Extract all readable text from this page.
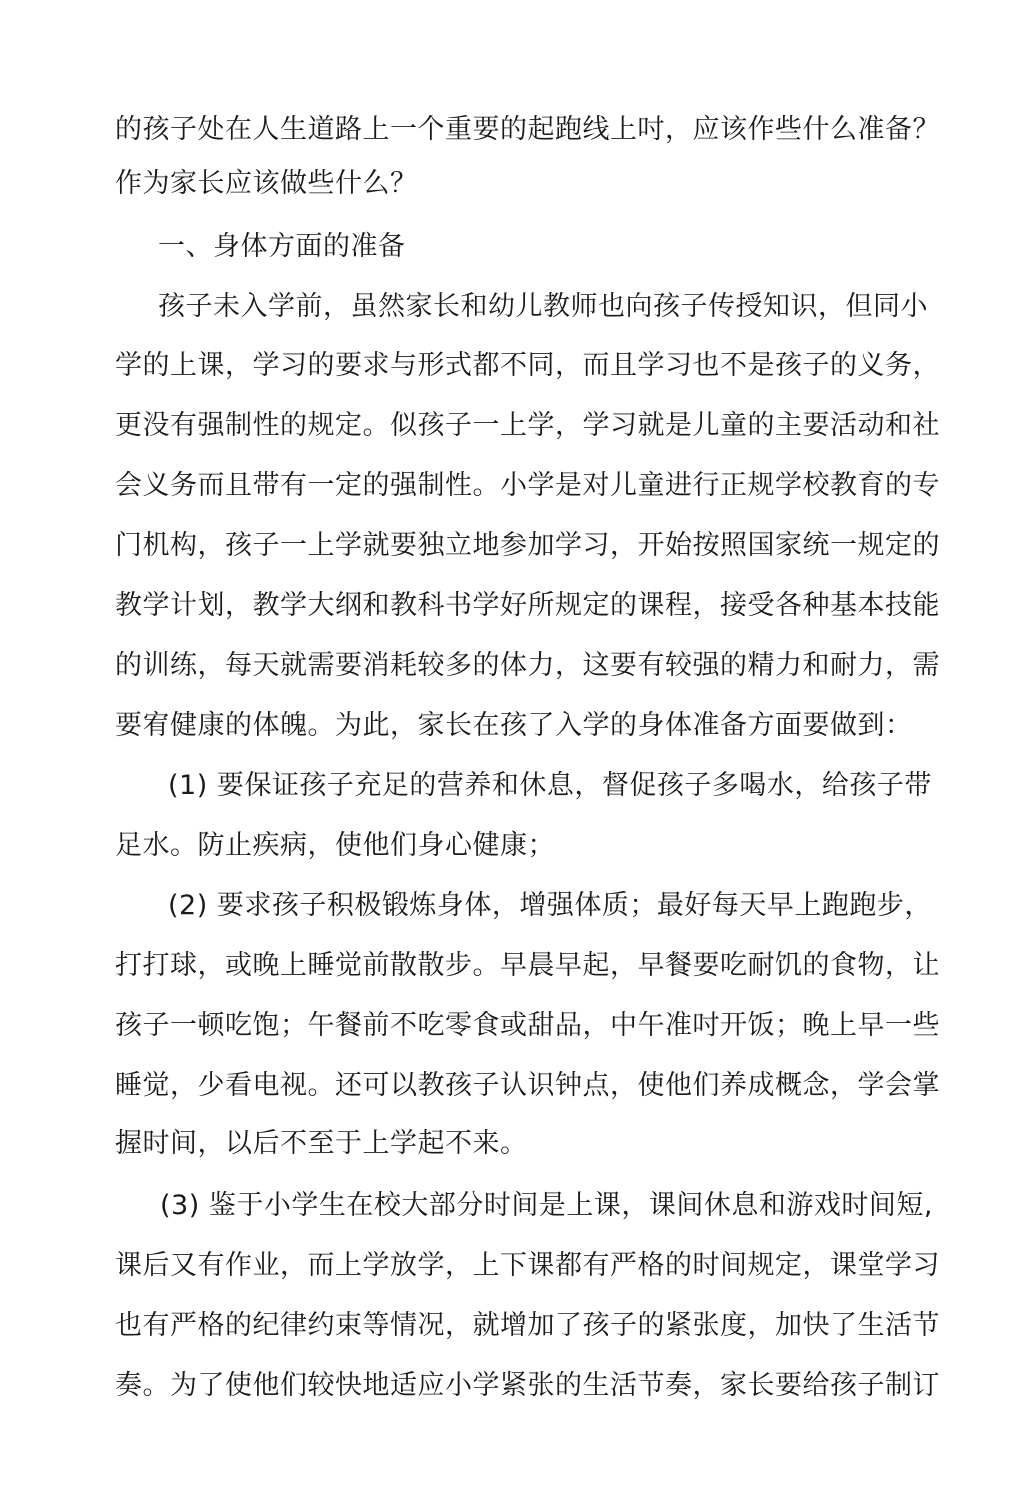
的孩子处在人生道路上一个重要的起跑线上吋，应该作些什么准备？
作为家长应该做些什么？
一、身体方面的准备
孩子未入学前，虽然家长和幼儿教师也向孩子传授知识，但同小
学的上课，学习的要求与形式都不同，而且学习也不是孩子的义务，
更没有强制性的规定。似孩子一上学，学习就是儿童的主要活动和社
会义务而且带有一定的强制性。小学是对儿童进行正规学校教育的专
门机构，孩子一上学就要独立地参加学习，开始按照国家统一规定的
教学计划，教学大纲和教科书学好所规定的课程，接受各种基本技能
的训练，每天就需要消耗较多的体力，这要有较强的精力和耐力，需
要宥健康的体魄。为此，家长在孩了入学的身体准备方面要做到：
(1) 要保证孩子充足的营养和休息，督促孩子多喝水，给孩子带
足水。防止疾病，使他们身心健康；
(2) 要求孩子积极锻炼身体，增强体质；最好每天早上跑跑步，
打打球，或晚上睡觉前散散步。早晨早起，早餐要吃耐饥的食物，让
孩子一顿吃饱；午餐前不吃零食或甜品，中午准吋开饭；晚上早一些
睡觉，少看电视。还可以教孩子认识钟点，使他们养成概念，学会掌
握时间，以后不至于上学起不来。
(3) 鉴于小学生在校大部分时间是上课，课间休息和游戏时间短,
课后又有作业，而上学放学，上下课都有严格的时间规定，课堂学习
也有严格的纪律约束等情况，就增加了孩子的紧张度，加快了生活节
奏。为了使他们较快地适应小学紧张的生活节奏，家长要给孩子制订
